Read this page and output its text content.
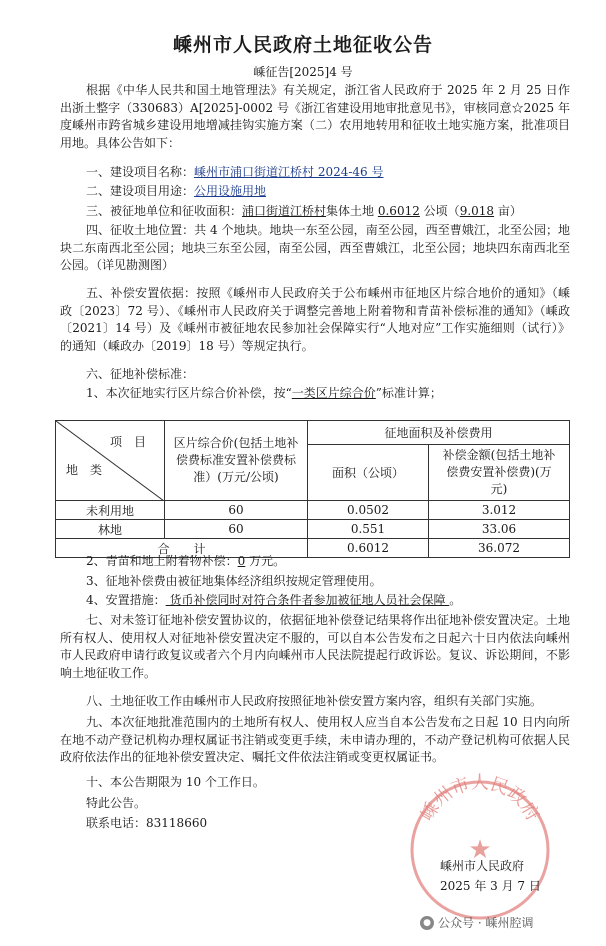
嵊州市人民政府土地征收公告
嵊征告[2025]4 号
根据《中华人民共和国土地管理法》有关规定，浙江省人民政府于 2025 年 2 月 25 日作出浙土整字（330683）A[2025]-0002 号《浙江省建设用地审批意见书》，审核同意☆2025 年度嵊州市跨省城乡建设用地增减挂钩实施方案（二）农用地转用和征收土地实施方案，批准项目用地。具体公告如下：
一、建设项目名称：嵊州市浦口街道江桥村 2024-46 号
二、建设项目用途：公用设施用地
三、被征地单位和征收面积：浦口街道江桥村集体土地 0.6012 公顷（9.018 亩）
四、征收土地位置：共 4 个地块。地块一东至公园，南至公园，西至曹娥江，北至公园；地块二东南西北至公园；地块三东至公园，南至公园，西至曹娥江，北至公园；地块四东南西北至公园。（详见勘测图）
五、补偿安置依据：按照《嵊州市人民政府关于公布嵊州市征地区片综合地价的通知》（嵊政〔2023〕72 号）、《嵊州市人民政府关于调整完善地上附着物和青苗补偿标准的通知》（嵊政〔2021〕14 号）及《嵊州市被征地农民参加社会保障实行“人地对应”工作实施细则（试行）》的通知（嵊政办〔2019〕18 号）等规定执行。
六、征地补偿标准：
1、本次征地实行区片综合价补偿，按“一类区片综合价”标准计算；
项　目
地　类	区片综合价(包括土地补偿费标准安置补偿费标准）(万元/公顷)	征地面积及补偿费用	
		面积（公顷）	补偿金额(包括土地补偿费安置补偿费)(万元)
未利用地	60	0.0502	3.012
林地	60	0.551	33.06
合　　计		0.6012	36.072
2、青苗和地上附着物补偿：0 万元。
3、征地补偿费由被征地集体经济组织按规定管理使用。
4、安置措施： 货币补偿同时对符合条件者参加被征地人员社会保障 。
七、对未签订征地补偿安置协议的，依据征地补偿登记结果将作出征地补偿安置决定。土地所有权人、使用权人对征地补偿安置决定不服的，可以自本公告发布之日起六十日内依法向嵊州市人民政府申请行政复议或者六个月内向嵊州市人民法院提起行政诉讼。复议、诉讼期间，不影响土地征收工作。
八、土地征收工作由嵊州市人民政府按照征地补偿安置方案内容，组织有关部门实施。
九、本次征地批准范围内的土地所有权人、使用权人应当自本公告发布之日起 10 日内向所在地不动产登记机构办理权属证书注销或变更手续，未申请办理的，不动产登记机构可依据人民政府依法作出的征地补偿安置决定、嘱托文件依法注销或变更权属证书。
十、本公告期限为 10 个工作日。
特此公告。
联系电话：83118660	嵊州市人民政府
★
嵊州市人民政府
2025 年 3 月 7 日
● 公众号 · 嵊州腔调
